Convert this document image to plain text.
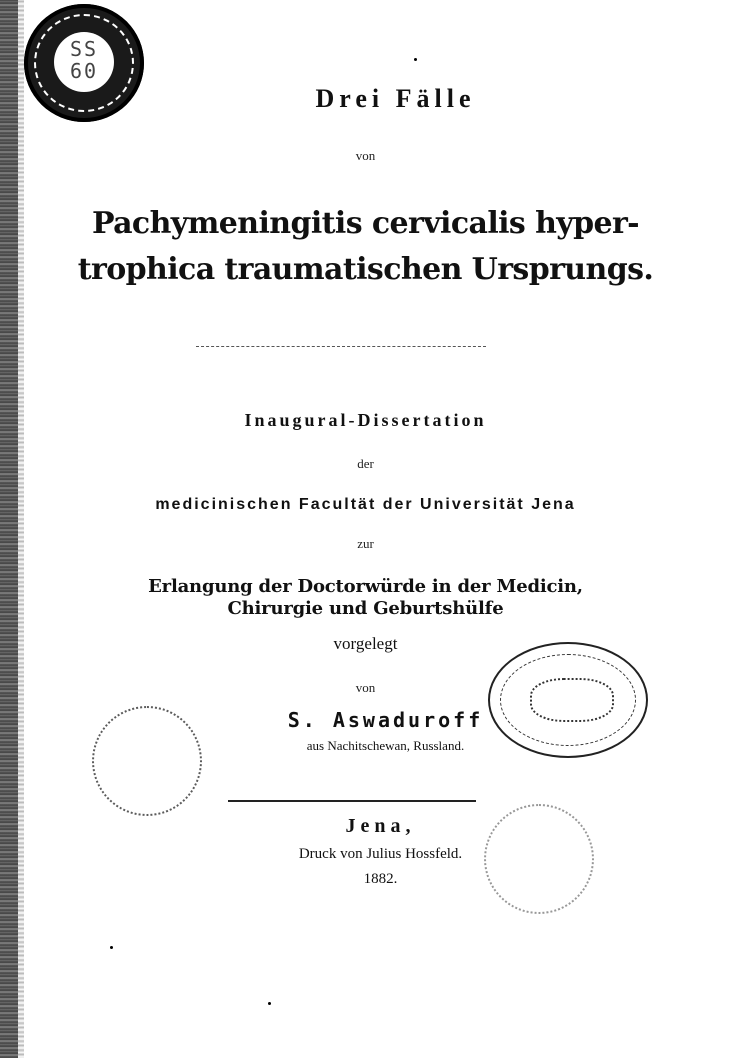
SS 60
Drei Fälle
von
Pachymeningitis cervicalis hyper-
trophica traumatischen Ursprungs.
Inaugural-Dissertation
der
medicinischen Facultät der Universität Jena
zur
Erlangung der Doctorwürde in der Medicin,
Chirurgie und Geburtshülfe
vorgelegt
von
S. Aswaduroff
aus Nachitschewan, Russland.
Jena,
Druck von Julius Hossfeld.
1882.
